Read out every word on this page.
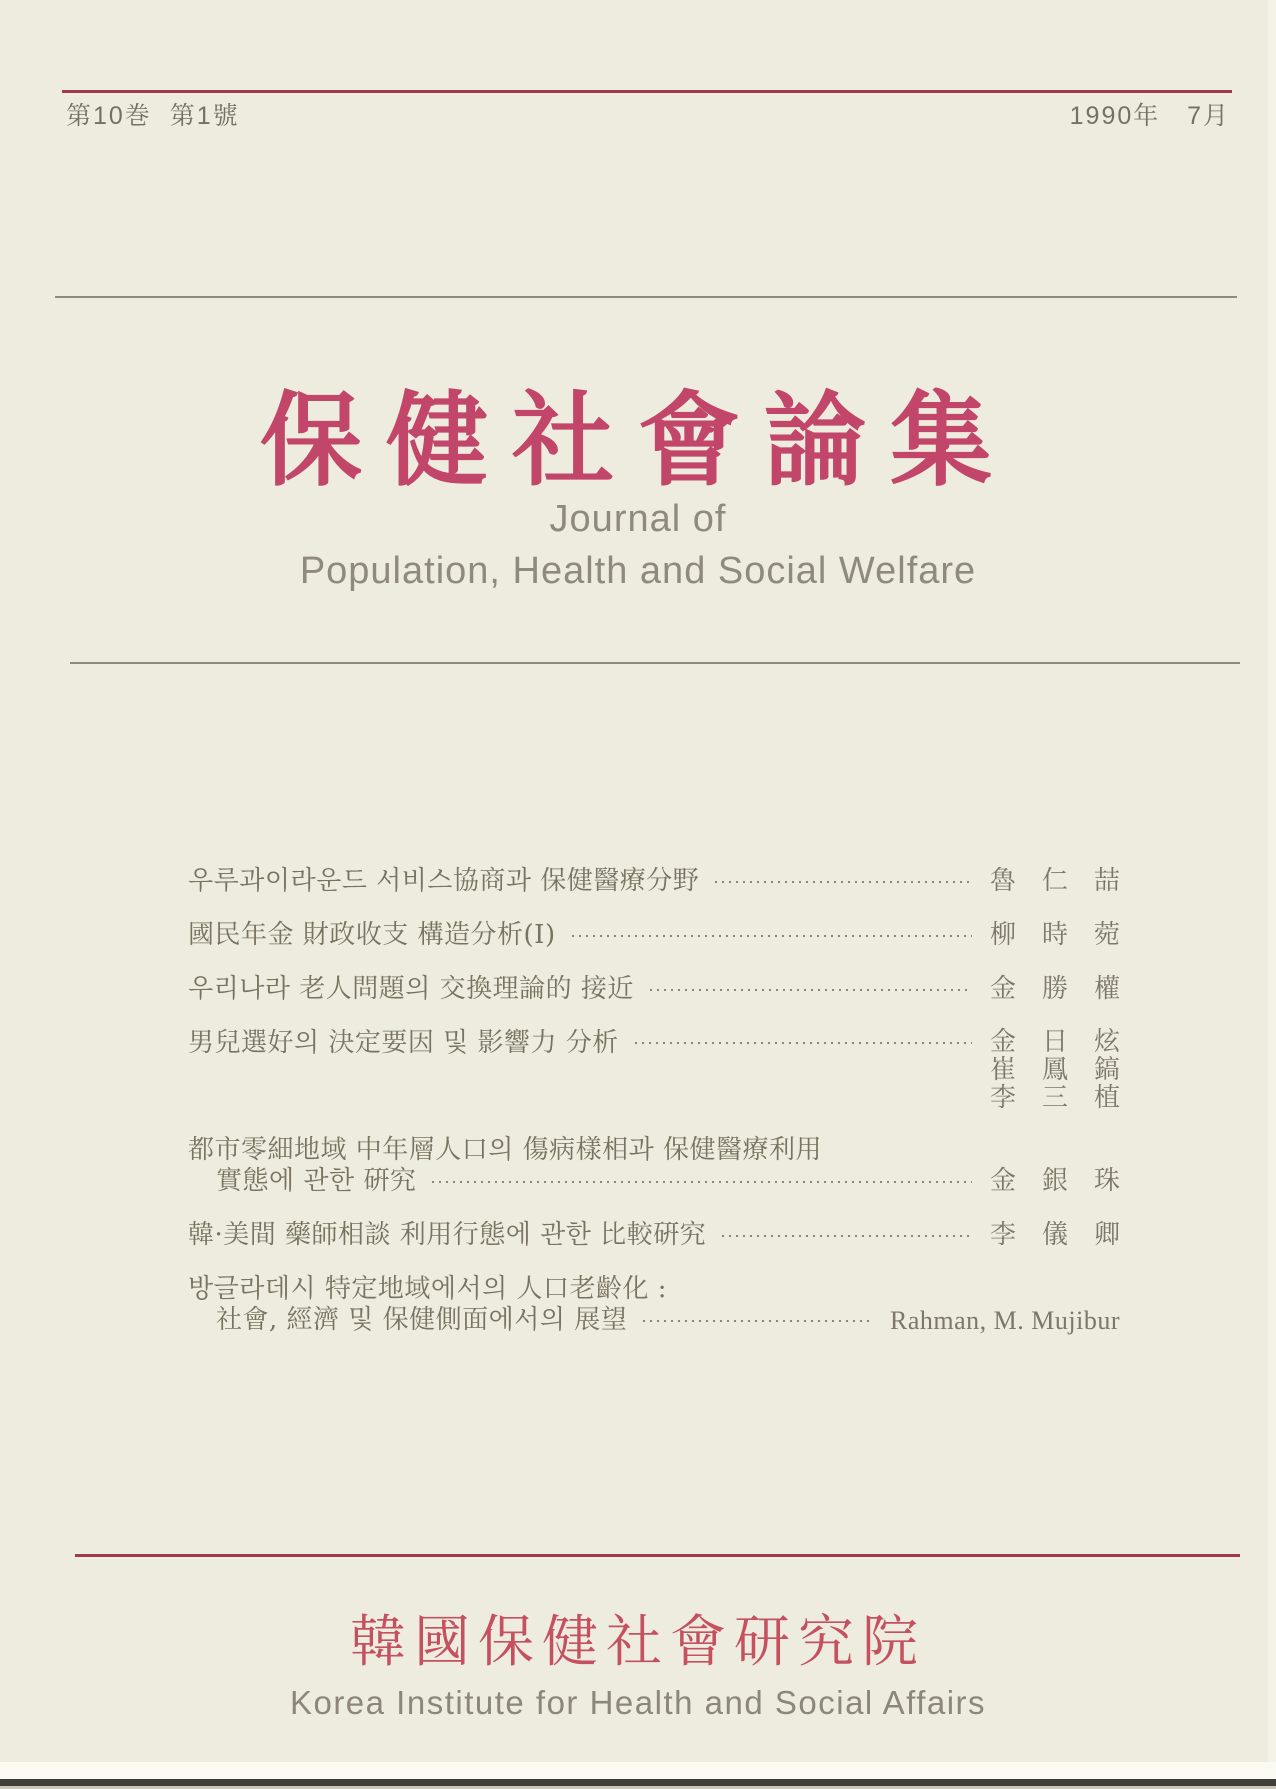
第10巻  第1號	1990年   7月
保健社會論集
Journal of
Population, Health and Social Welfare
우루과이라운드 서비스協商과 保健醫療分野	魯　仁　喆
國民年金 財政收支 構造分析(Ⅰ)	柳　時　菀
우리나라 老人問題의 交換理論的 接近	金　勝　權
男兒選好의 決定要因 및 影響力 分析	金　日　炫
崔　鳳　鎬
李　三　植
都市零細地域 中年層人口의 傷病樣相과 保健醫療利用
實態에 관한 硏究	金　銀　珠
韓·美間 藥師相談 利用行態에 관한 比較硏究	李　儀　卿
방글라데시 特定地域에서의 人口老齡化 :
社會, 經濟 및 保健側面에서의 展望	Rahman, M. Mujibur
韓國保健社會研究院
Korea Institute for Health and Social Affairs
